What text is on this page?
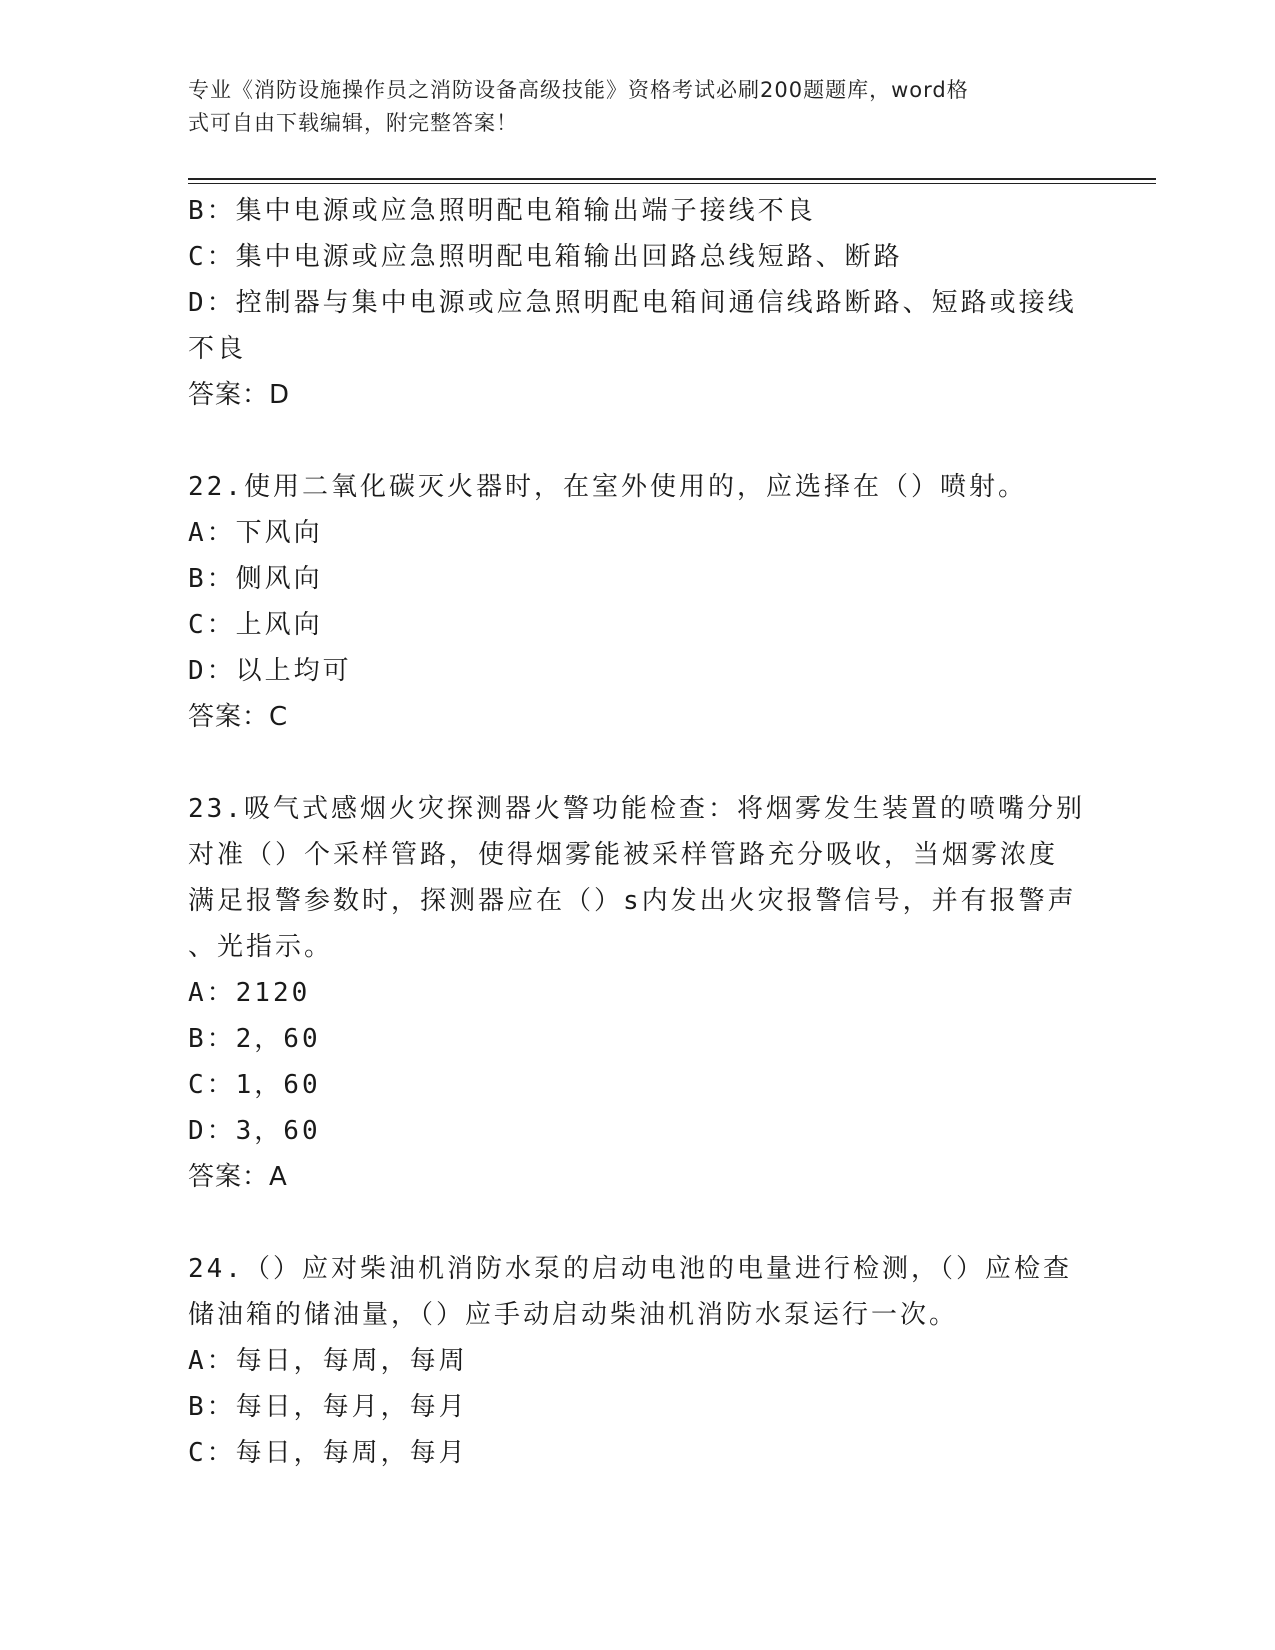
专业《消防设施操作员之消防设备高级技能》资格考试必刷200题题库，word格
式可自由下载编辑，附完整答案！
B：集中电源或应急照明配电箱输出端子接线不良
C：集中电源或应急照明配电箱输出回路总线短路、断路
D：控制器与集中电源或应急照明配电箱间通信线路断路、短路或接线
不良
答案：D
22.使用二氧化碳灭火器时，在室外使用的，应选择在（）喷射。
A：下风向
B：侧风向
C：上风向
D：以上均可
答案：C
23.吸气式感烟火灾探测器火警功能检查：将烟雾发生装置的喷嘴分别
对准（）个采样管路，使得烟雾能被采样管路充分吸收，当烟雾浓度
满足报警参数时，探测器应在（）s内发出火灾报警信号，并有报警声
、光指示。
A：2120
B：2，60
C：1，60
D：3，60
答案：A
24.（）应对柴油机消防水泵的启动电池的电量进行检测，（）应检查
储油箱的储油量，（）应手动启动柴油机消防水泵运行一次。
A：每日，每周，每周
B：每日，每月，每月
C：每日，每周，每月
